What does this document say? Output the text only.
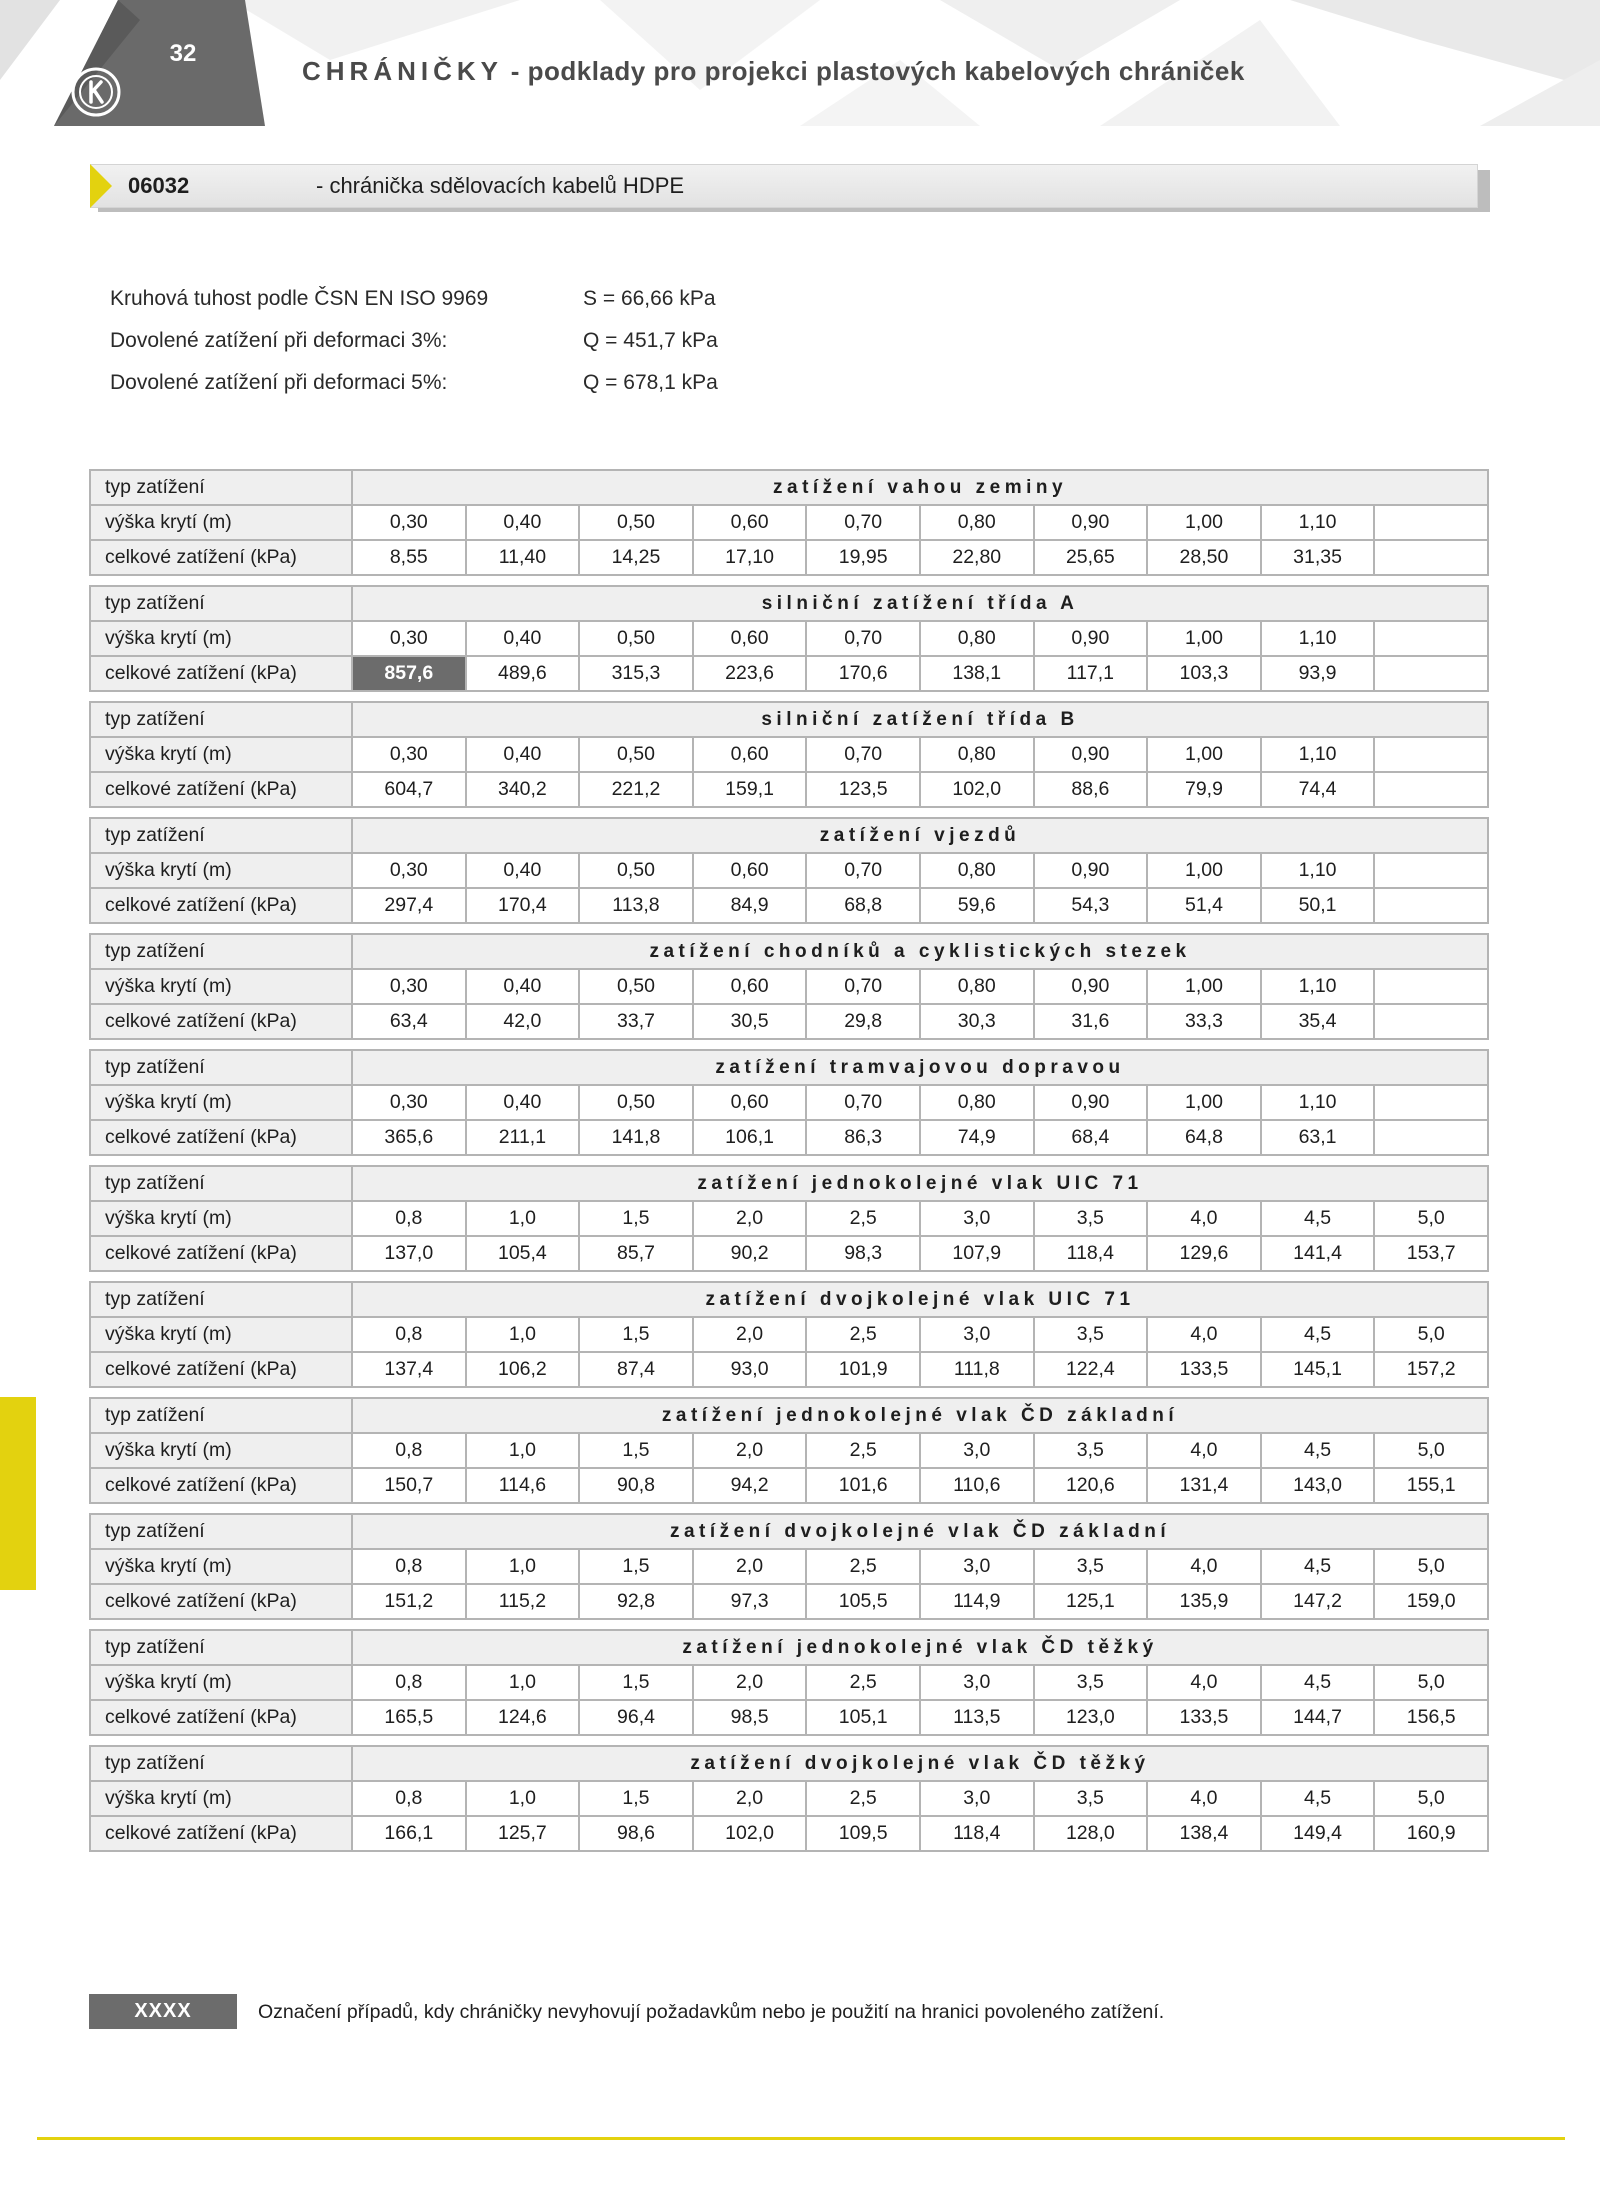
32
CHRÁNIČKY - podklady pro projekci plastových kabelových chrániček
06032	- chránička sdělovacích kabelů HDPE
Kruhová tuhost podle ČSN EN ISO 9969	S = 66,66 kPa
Dovolené zatížení při deformaci 3%:	Q = 451,7 kPa
Dovolené zatížení při deformaci 5%:	Q = 678,1 kPa
typ zatížení	zatížení vahou zeminy									
výška krytí (m)	0,30	0,40	0,50	0,60	0,70	0,80	0,90	1,00	1,10	
celkové zatížení (kPa)	8,55	11,40	14,25	17,10	19,95	22,80	25,65	28,50	31,35	

typ zatížení	silniční zatížení třída A									
výška krytí (m)	0,30	0,40	0,50	0,60	0,70	0,80	0,90	1,00	1,10	
celkové zatížení (kPa)	857,6	489,6	315,3	223,6	170,6	138,1	117,1	103,3	93,9	

typ zatížení	silniční zatížení třída B									
výška krytí (m)	0,30	0,40	0,50	0,60	0,70	0,80	0,90	1,00	1,10	
celkové zatížení (kPa)	604,7	340,2	221,2	159,1	123,5	102,0	88,6	79,9	74,4	

typ zatížení	zatížení vjezdů									
výška krytí (m)	0,30	0,40	0,50	0,60	0,70	0,80	0,90	1,00	1,10	
celkové zatížení (kPa)	297,4	170,4	113,8	84,9	68,8	59,6	54,3	51,4	50,1	

typ zatížení	zatížení chodníků a cyklistických stezek									
výška krytí (m)	0,30	0,40	0,50	0,60	0,70	0,80	0,90	1,00	1,10	
celkové zatížení (kPa)	63,4	42,0	33,7	30,5	29,8	30,3	31,6	33,3	35,4	

typ zatížení	zatížení tramvajovou dopravou									
výška krytí (m)	0,30	0,40	0,50	0,60	0,70	0,80	0,90	1,00	1,10	
celkové zatížení (kPa)	365,6	211,1	141,8	106,1	86,3	74,9	68,4	64,8	63,1	

typ zatížení	zatížení jednokolejné vlak UIC 71									
výška krytí (m)	0,8	1,0	1,5	2,0	2,5	3,0	3,5	4,0	4,5	5,0
celkové zatížení (kPa)	137,0	105,4	85,7	90,2	98,3	107,9	118,4	129,6	141,4	153,7

typ zatížení	zatížení dvojkolejné vlak UIC 71									
výška krytí (m)	0,8	1,0	1,5	2,0	2,5	3,0	3,5	4,0	4,5	5,0
celkové zatížení (kPa)	137,4	106,2	87,4	93,0	101,9	111,8	122,4	133,5	145,1	157,2

typ zatížení	zatížení jednokolejné vlak ČD základní									
výška krytí (m)	0,8	1,0	1,5	2,0	2,5	3,0	3,5	4,0	4,5	5,0
celkové zatížení (kPa)	150,7	114,6	90,8	94,2	101,6	110,6	120,6	131,4	143,0	155,1

typ zatížení	zatížení dvojkolejné vlak ČD základní									
výška krytí (m)	0,8	1,0	1,5	2,0	2,5	3,0	3,5	4,0	4,5	5,0
celkové zatížení (kPa)	151,2	115,2	92,8	97,3	105,5	114,9	125,1	135,9	147,2	159,0

typ zatížení	zatížení jednokolejné vlak ČD těžký									
výška krytí (m)	0,8	1,0	1,5	2,0	2,5	3,0	3,5	4,0	4,5	5,0
celkové zatížení (kPa)	165,5	124,6	96,4	98,5	105,1	113,5	123,0	133,5	144,7	156,5

typ zatížení	zatížení dvojkolejné vlak ČD těžký									
výška krytí (m)	0,8	1,0	1,5	2,0	2,5	3,0	3,5	4,0	4,5	5,0
celkové zatížení (kPa)	166,1	125,7	98,6	102,0	109,5	118,4	128,0	138,4	149,4	160,9
XXXX	Označení případů, kdy chráničky nevyhovují požadavkům nebo je použití na hranici povoleného zatížení.
